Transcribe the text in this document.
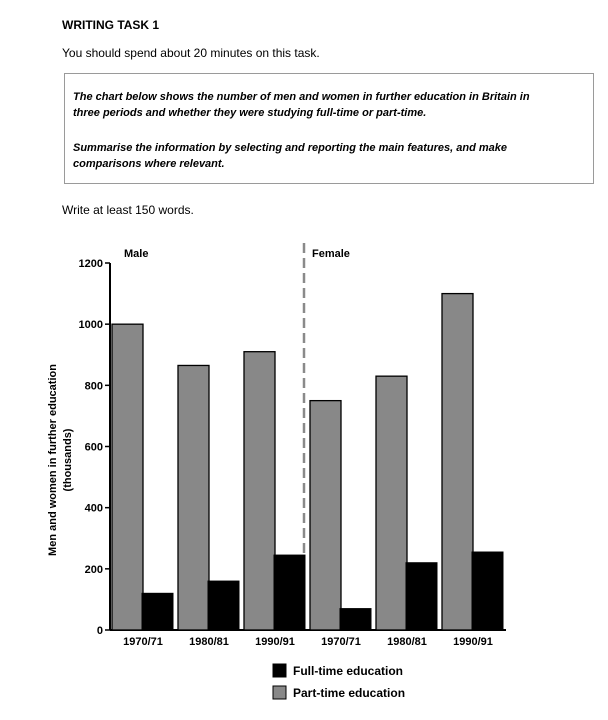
WRITING TASK 1
You should spend about 20 minutes on this task.

The chart below shows the number of men and women in further education in Britain in three periods and whether they were studying full-time or part-time.

Summarise the information by selecting and reporting the main features, and make comparisons where relevant.

Write at least 150 words.
0
200
400
600
800
1000
1200
Men and women in further education (thousands)
Male	Female
1970/71 1980/81 1990/91 1970/71 1980/81 1990/91
Full-time education
Part-time education
